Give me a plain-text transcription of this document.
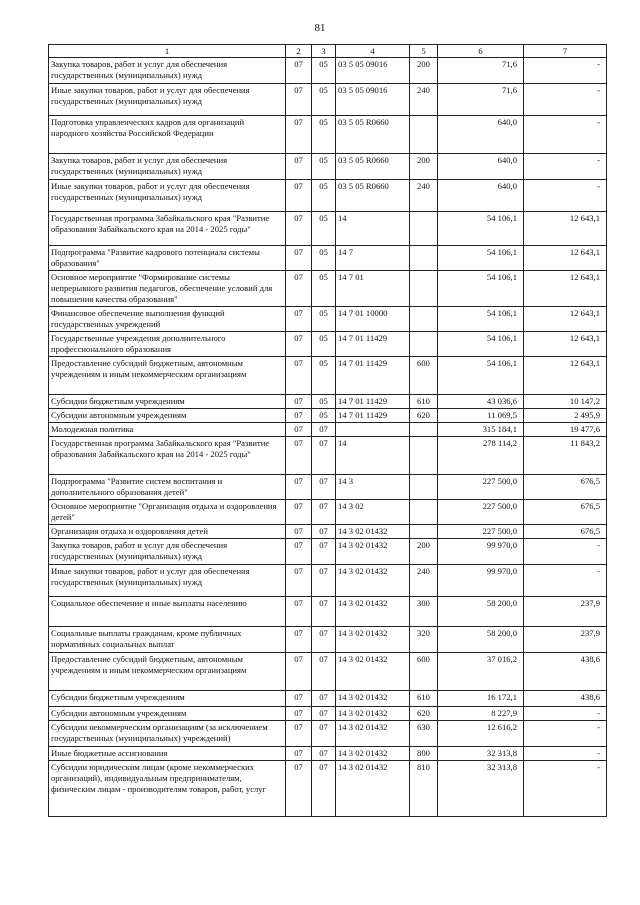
81
1	2	3	4	5	6	7
Закупка товаров, работ и услуг для обеспечения государственных (муниципальных) нужд	07	05	03 5 05 09016	200	71,6	-
Иные закупки товаров, работ и услуг для обеспечения государственных (муниципальных) нужд	07	05	03 5 05 09016	240	71,6	-
Подготовка управленческих кадров для организаций народного хозяйства Российской Федерации	07	05	03 5 05 R0660		640,0	-
Закупка товаров, работ и услуг для обеспечения государственных (муниципальных) нужд	07	05	03 5 05 R0660	200	640,0	-
Иные закупки товаров, работ и услуг для обеспечения государственных (муниципальных) нужд	07	05	03 5 05 R0660	240	640,0	-
Государственная программа Забайкальского края "Развитие образования Забайкальского края на 2014 - 2025 годы"	07	05	14		54 106,1	12 643,1
Подпрограмма "Развитие кадрового потенциала системы образования"	07	05	14 7		54 106,1	12 643,1
Основное мероприятие "Формирование системы непрерывного развития педагогов, обеспечение условий для повышения качества образования"	07	05	14 7 01		54 106,1	12 643,1
Финансовое обеспечение выполнения функций государственных учреждений	07	05	14 7 01 10000		54 106,1	12 643,1
Государственные учреждения дополнительного профессионального образования	07	05	14 7 01 11429		54 106,1	12 643,1
Предоставление субсидий бюджетным, автономным учреждениям и иным некоммерческим организациям	07	05	14 7 01 11429	600	54 106,1	12 643,1
Субсидии бюджетным учреждениям	07	05	14 7 01 11429	610	43 036,6	10 147,2
Субсидии автономным учреждениям	07	05	14 7 01 11429	620	11 069,5	2 495,9
Молодежная политика	07	07			315 184,1	19 477,6
Государственная программа Забайкальского края "Развитие образования Забайкальского края на 2014 - 2025 годы"	07	07	14		278 114,2	11 843,2
Подпрограмма "Развитие систем воспитания и дополнительного образования детей"	07	07	14 3		227 500,0	676,5
Основное мероприятие "Организация отдыха и оздоровления детей"	07	07	14 3 02		227 500,0	676,5
Организация отдыха и оздоровления детей	07	07	14 3 02 01432		227 500,0	676,5
Закупка товаров, работ и услуг для обеспечения государственных (муниципальных) нужд	07	07	14 3 02 01432	200	99 970,0	-
Иные закупки товаров, работ и услуг для обеспечения государственных (муниципальных) нужд	07	07	14 3 02 01432	240	99 970,0	-
Социальное обеспечение и иные выплаты населению	07	07	14 3 02 01432	300	58 200,0	237,9
Социальные выплаты гражданам, кроме публичных нормативных социальных выплат	07	07	14 3 02 01432	320	58 200,0	237,9
Предоставление субсидий бюджетным, автономным учреждениям и иным некоммерческим организациям	07	07	14 3 02 01432	600	37 016,2	438,6
Субсидии бюджетным учреждениям	07	07	14 3 02 01432	610	16 172,1	438,6
Субсидии автономным учреждениям	07	07	14 3 02 01432	620	8 227,9	-
Субсидии некоммерческим организациям (за исключением государственных (муниципальных) учреждений)	07	07	14 3 02 01432	630	12 616,2	-
Иные бюджетные ассигнования	07	07	14 3 02 01432	800	32 313,8	-
Субсидии юридическим лицам (кроме некоммерческих организаций), индивидуальным предпринимателям, физическим лицам - производителям товаров, работ, услуг	07	07	14 3 02 01432	810	32 313,8	-
